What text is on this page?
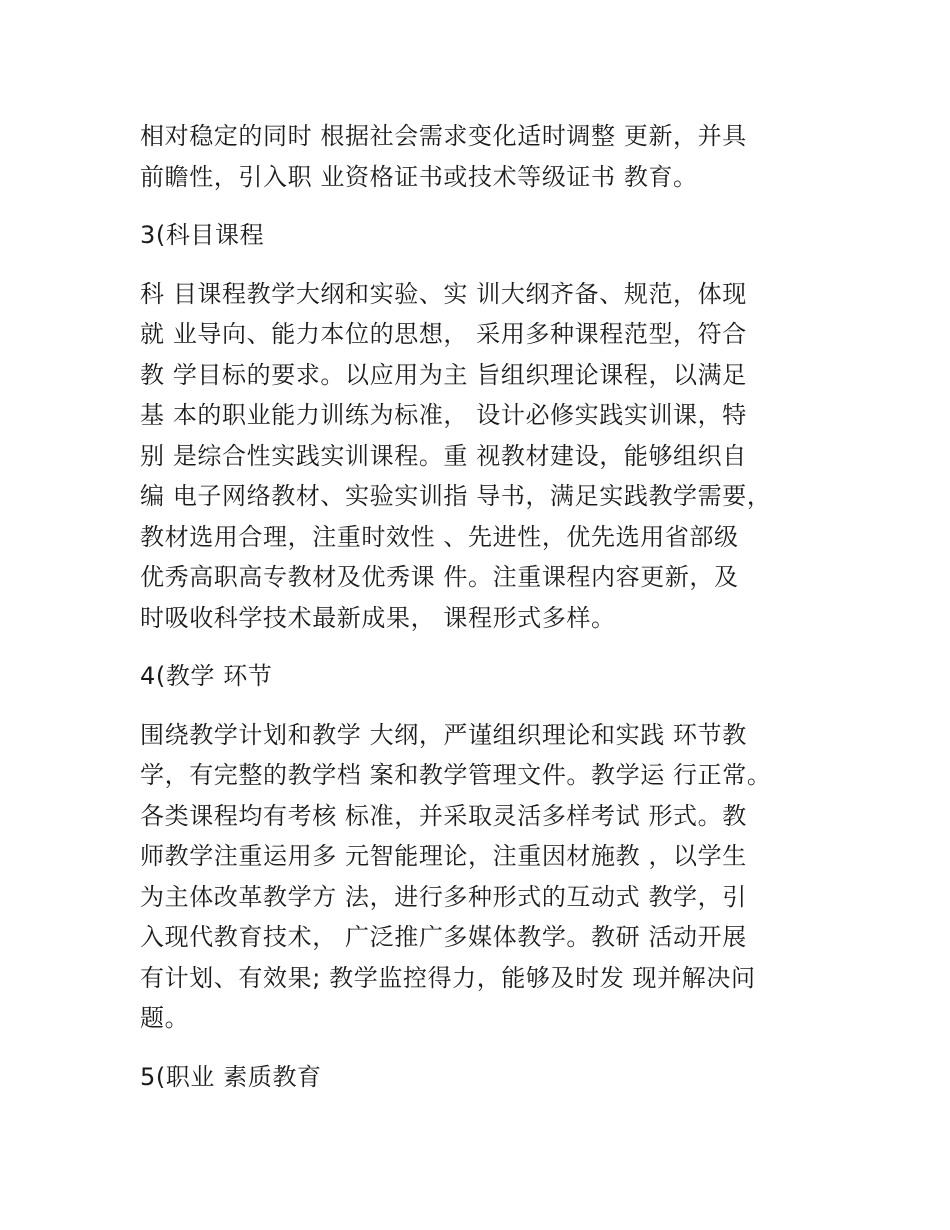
相对稳定的同时 根据社会需求变化适时调整 更新，并具
前瞻性，引入职 业资格证书或技术等级证书 教育。
3(科目课程
科 目课程教学大纲和实验、实 训大纲齐备、规范，体现
就 业导向、能力本位的思想， 采用多种课程范型，符合
教 学目标的要求。以应用为主 旨组织理论课程，以满足
基 本的职业能力训练为标准， 设计必修实践实训课，特
别 是综合性实践实训课程。重 视教材建设，能够组织自
编 电子网络教材、实验实训指 导书，满足实践教学需要，
教材选用合理，注重时效性 、先进性，优先选用省部级
优秀高职高专教材及优秀课 件。注重课程内容更新，及
时吸收科学技术最新成果， 课程形式多样。
4(教学 环节
围绕教学计划和教学 大纲，严谨组织理论和实践 环节教
学，有完整的教学档 案和教学管理文件。教学运 行正常。
各类课程均有考核 标准，并采取灵活多样考试 形式。教
师教学注重运用多 元智能理论，注重因材施教 ，以学生
为主体改革教学方 法，进行多种形式的互动式 教学，引
入现代教育技术， 广泛推广多媒体教学。教研 活动开展
有计划、有效果; 教学监控得力，能够及时发 现并解决问
题。
5(职业 素质教育
